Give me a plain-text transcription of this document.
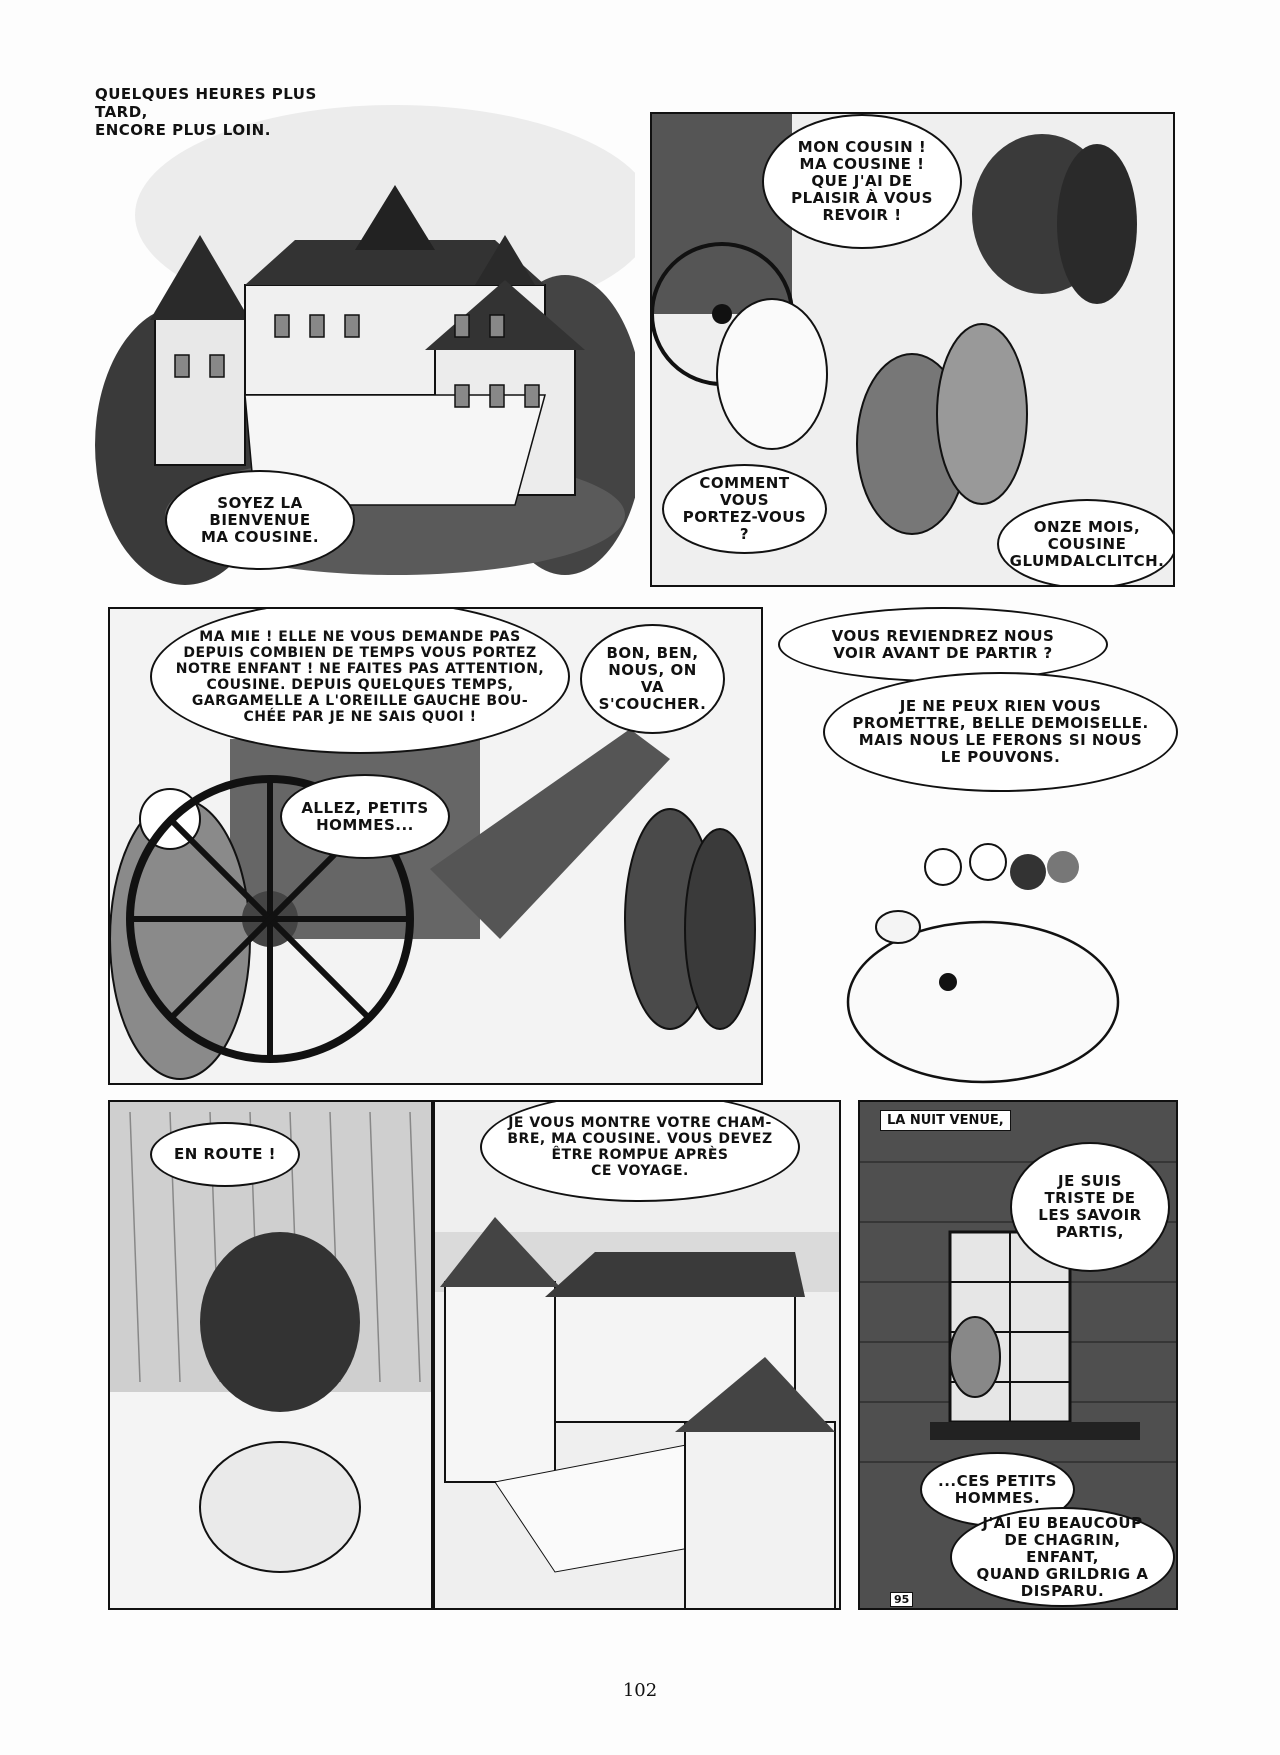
QUELQUES HEURES PLUS TARD,
ENCORE PLUS LOIN.
SOYEZ LA
BIENVENUE
MA COUSINE.
MON COUSIN !
MA COUSINE !
QUE J'AI DE
PLAISIR À VOUS
REVOIR !
COMMENT VOUS
PORTEZ-VOUS ?	ONZE MOIS,
COUSINE
GLUMDALCLITCH.
MA MIE ! ELLE NE VOUS DEMANDE PAS
DEPUIS COMBIEN DE TEMPS VOUS PORTEZ
NOTRE ENFANT ! NE FAITES PAS ATTENTION,
COUSINE. DEPUIS QUELQUES TEMPS,
GARGAMELLE A L'OREILLE GAUCHE BOU-
CHÉE PAR JE NE SAIS QUOI !
BON, BEN,
NOUS, ON VA
S'COUCHER.
ALLEZ, PETITS
HOMMES...
VOUS REVIENDREZ NOUS
VOIR AVANT DE PARTIR ?
JE NE PEUX RIEN VOUS
PROMETTRE, BELLE DEMOISELLE.
MAIS NOUS LE FERONS SI NOUS
LE POUVONS.
EN ROUTE !
JE VOUS MONTRE VOTRE CHAM-
BRE, MA COUSINE. VOUS DEVEZ
ÊTRE ROMPUE APRÈS
CE VOYAGE.
LA NUIT VENUE,
JE SUIS
TRISTE DE
LES SAVOIR
PARTIS,
...CES PETITS
HOMMES.
J'AI EU BEAUCOUP
DE CHAGRIN, ENFANT,
QUAND GRILDRIG A
DISPARU.
95
102
